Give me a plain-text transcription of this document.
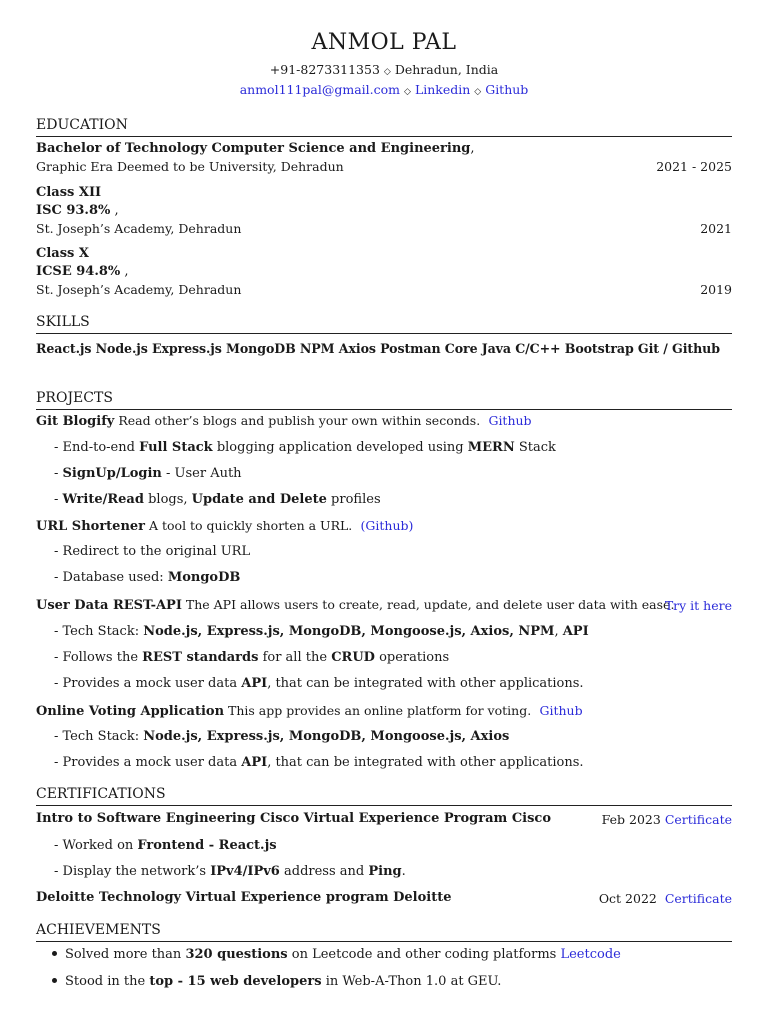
ANMOL PAL
+91-8273311353 ◇ Dehradun, India
anmol111pal@gmail.com ◇ Linkedin ◇ Github
EDUCATION
Bachelor of Technology Computer Science and Engineering,
Graphic Era Deemed to be University, Dehradun	2021 - 2025
Class XII
ISC 93.8% ,
St. Joseph’s Academy, Dehradun	2021
Class X
ICSE 94.8% ,
St. Joseph’s Academy, Dehradun	2019
SKILLS
React.js Node.js Express.js MongoDB NPM Axios Postman Core Java C/C++ Bootstrap Git / Github
PROJECTS
Git Blogify Read other’s blogs and publish your own within seconds. Github
- End-to-end Full Stack blogging application developed using MERN Stack
- SignUp/Login - User Auth
- Write/Read blogs, Update and Delete profiles
URL Shortener A tool to quickly shorten a URL. (Github)
- Redirect to the original URL
- Database used: MongoDB
User Data REST-API The API allows users to create, read, update, and delete user data with ease.
Try it here
- Tech Stack: Node.js, Express.js, MongoDB, Mongoose.js, Axios, NPM, API
- Follows the REST standards for all the CRUD operations
- Provides a mock user data API, that can be integrated with other applications.
Online Voting Application This app provides an online platform for voting. Github
- Tech Stack: Node.js, Express.js, MongoDB, Mongoose.js, Axios
- Provides a mock user data API, that can be integrated with other applications.
CERTIFICATIONS
Intro to Software Engineering Cisco Virtual Experience Program Cisco	Feb 2023 Certificate
- Worked on Frontend - React.js
- Display the network’s IPv4/IPv6 address and Ping.
Deloitte Technology Virtual Experience program Deloitte	Oct 2022 Certificate
ACHIEVEMENTS
Solved more than 320 questions on Leetcode and other coding platforms Leetcode
Stood in the top - 15 web developers in Web-A-Thon 1.0 at GEU.
